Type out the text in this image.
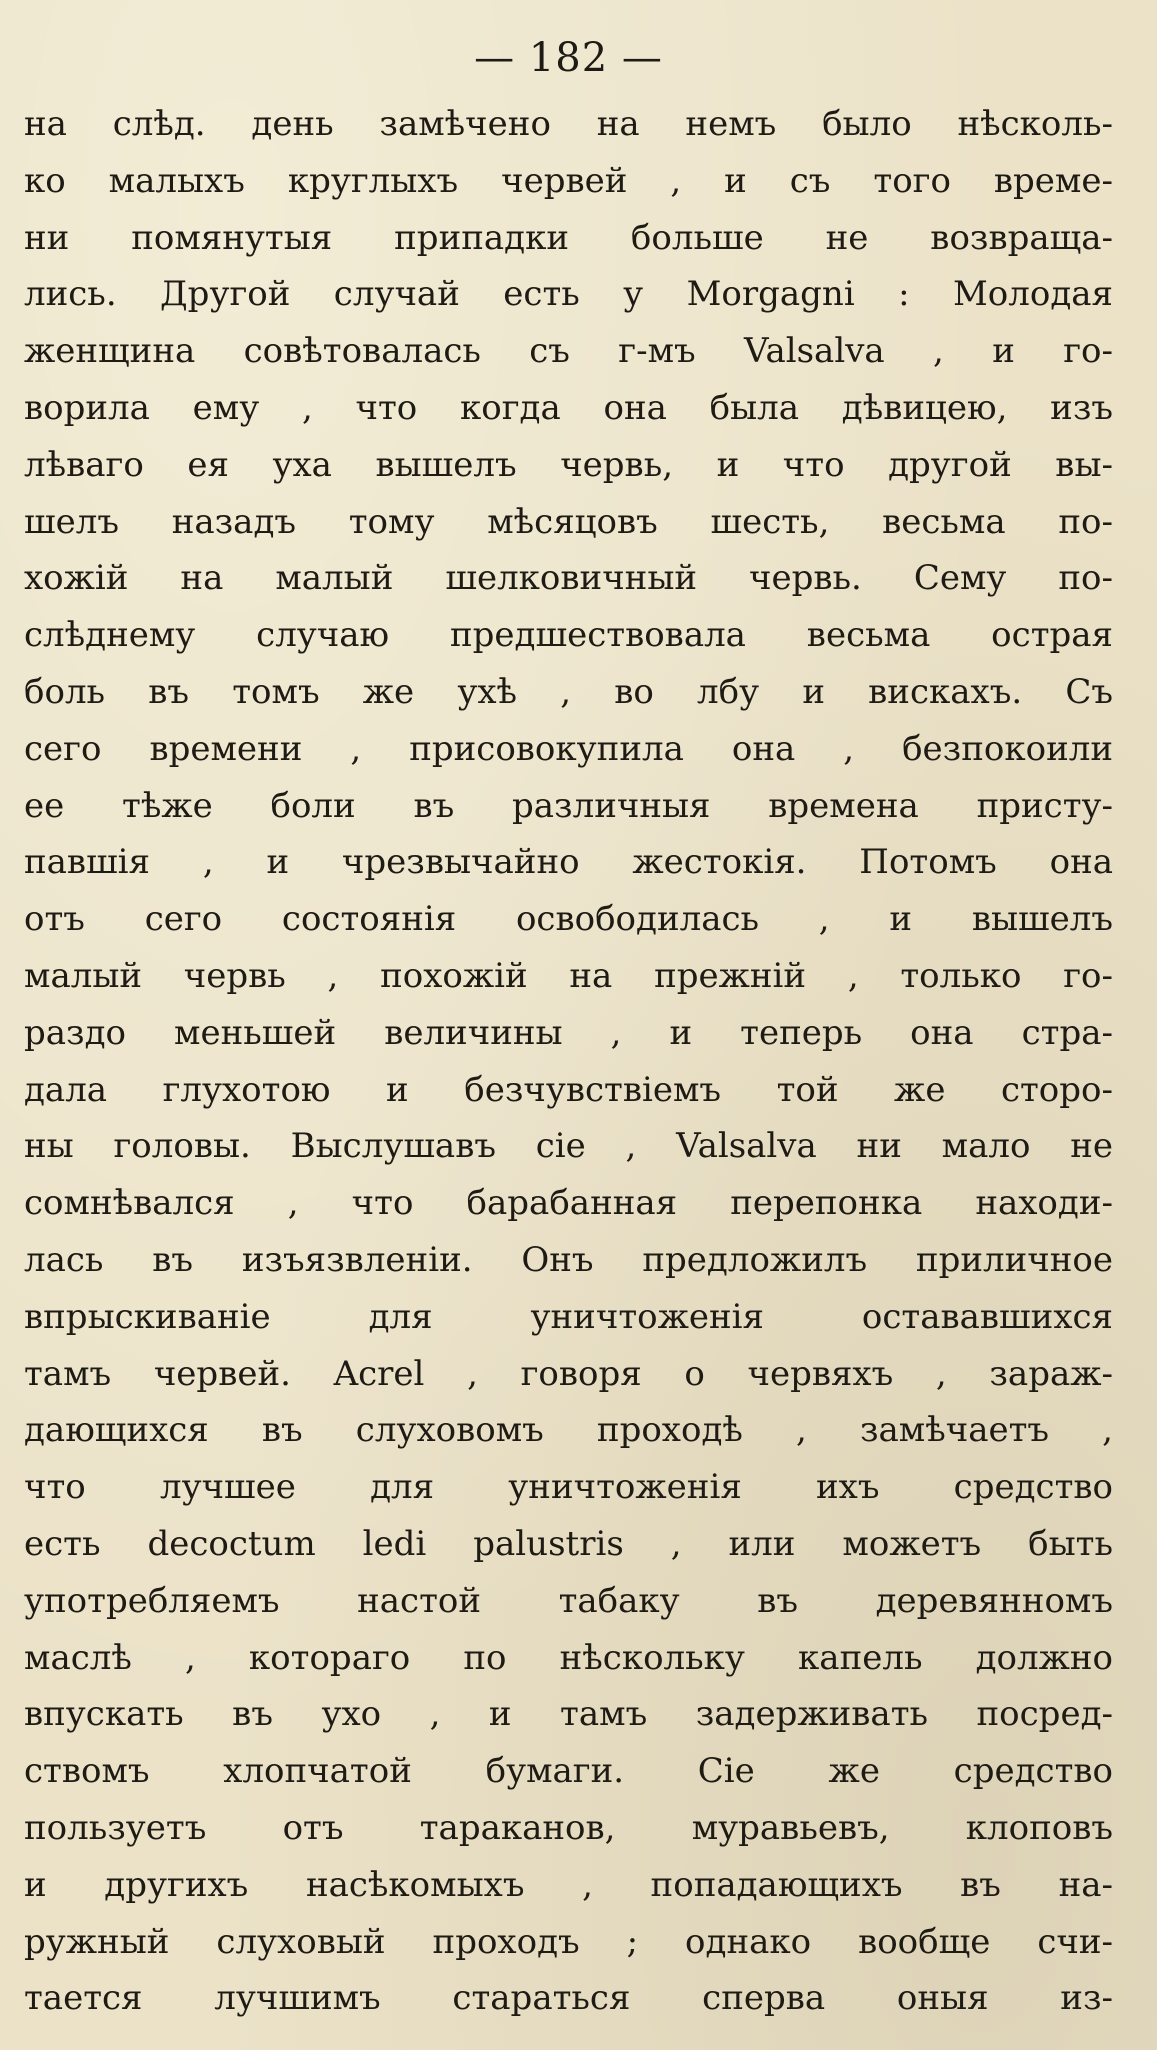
— 182 —
на слѣд. день замѣчено на немъ было нѣсколь-
ко малыхъ круглыхъ червей , и съ того време-
ни помянутыя припадки больше не возвраща-
лись. Другой случай есть у Morgagni : Молодая
женщина совѣтовалась съ г-мъ Valsalva , и го-
ворила ему , что когда она была дѣвицею, изъ
лѣваго ея уха вышелъ червь, и что другой вы-
шелъ назадъ тому мѣсяцовъ шесть, весьма по-
хожій на малый шелковичный червь. Сему по-
слѣднему случаю предшествовала весьма острая
боль въ томъ же ухѣ , во лбу и вискахъ. Съ
сего времени , присовокупила она , безпокоили
ее тѣже боли въ различныя времена присту-
павшія , и чрезвычайно жестокія. Потомъ она
отъ сего состоянія освободилась , и вышелъ
малый червь , похожій на прежній , только го-
раздо меньшей величины , и теперь она стра-
дала глухотою и безчувствіемъ той же сторо-
ны головы. Выслушавъ сіе , Valsalva ни мало не
сомнѣвался , что барабанная перепонка находи-
лась въ изъязвленіи. Онъ предложилъ приличное
впрыскиваніе для уничтоженія остававшихся
тамъ червей. Acrel , говоря о червяхъ , зараж-
дающихся въ слуховомъ проходѣ , замѣчаетъ ,
что лучшее для уничтоженія ихъ средство
есть decoctum ledi palustris , или можетъ быть
употребляемъ настой табаку въ деревянномъ
маслѣ , котораго по нѣскольку капель должно
впускать въ ухо , и тамъ задерживать посред-
ствомъ хлопчатой бумаги. Сіе же средство
пользуетъ отъ тараканов, муравьевъ, клоповъ
и другихъ насѣкомыхъ , попадающихъ въ на-
ружный слуховый проходъ ; однако вообще счи-
тается лучшимъ стараться сперва оныя из-
